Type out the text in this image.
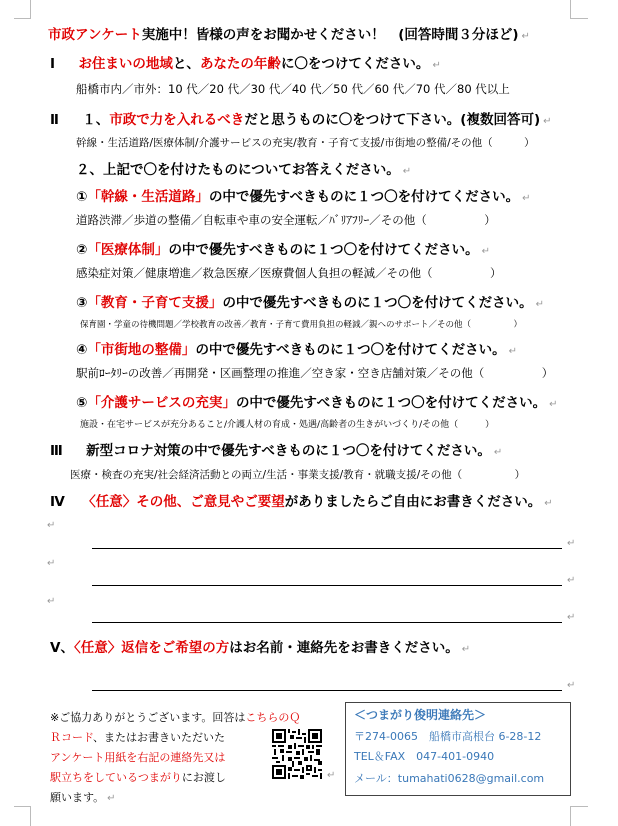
市政アンケート実施中！皆様の声をお聞かせください！　(回答時間３分ほど) ↵
Ⅰ お住まいの地域と、あなたの年齢に〇をつけてください。 ↵
船橋市内／市外：10 代／20 代／30 代／40 代／50 代／60 代／70 代／80 代以上
Ⅱ １、市政で力を入れるべきだと思うものに〇をつけて下さい。(複数回答可) ↵
幹線・生活道路/医療体制/介護サービスの充実/教育・子育て支援/市街地の整備/その他（　　　）
２、上記で〇を付けたものについてお答えください。 ↵
①「幹線・生活道路」の中で優先すべきものに１つ〇を付けてください。 ↵
道路渋滞／歩道の整備／自転車や車の安全運転／ﾊﾞﾘｱﾌﾘｰ／その他（　　　　　）
②「医療体制」の中で優先すべきものに１つ〇を付けてください。 ↵
感染症対策／健康増進／救急医療／医療費個人負担の軽減／その他（　　　　　）
③「教育・子育て支援」の中で優先すべきものに１つ〇を付けてください。 ↵
保育園・学童の待機問題／学校教育の改善／教育・子育て費用負担の軽減／親へのサポート／その他（　　　　　）
④「市街地の整備」の中で優先すべきものに１つ〇を付けてください。 ↵
駅前ﾛｰﾀﾘｰの改善／再開発・区画整理の推進／空き家・空き店舗対策／その他（　　　　　）
⑤「介護サービスの充実」の中で優先すべきものに１つ〇を付けてください。 ↵
施設・在宅サービスが充分あること/介護人材の育成・処遇/高齢者の生きがいづくり/その他（　　　）
Ⅲ 新型コロナ対策の中で優先すべきものに１つ〇を付けてください。 ↵
医療・検査の充実/社会経済活動との両立/生活・事業支援/教育・就職支援/その他（　　　　　）
Ⅳ 〈任意〉その他、ご意見やご要望がありましたらご自由にお書きください。 ↵
↵
↵
↵
↵
↵
↵
Ⅴ、〈任意〉返信をご希望の方はお名前・連絡先をお書きください。 ↵
↵
※ご協力ありがとうございます。回答はこちらのＱ
Ｒコード、またはお書きいただいた
アンケート用紙を右記の連絡先又は
駅立ちをしているつまがりにお渡し
願います。 ↵
↵
＜つまがり俊明連絡先＞
〒274-0065　船橋市高根台 6-28-12
TEL＆FAX　047-401-0940
メール：tumahati0628@gmail.com
